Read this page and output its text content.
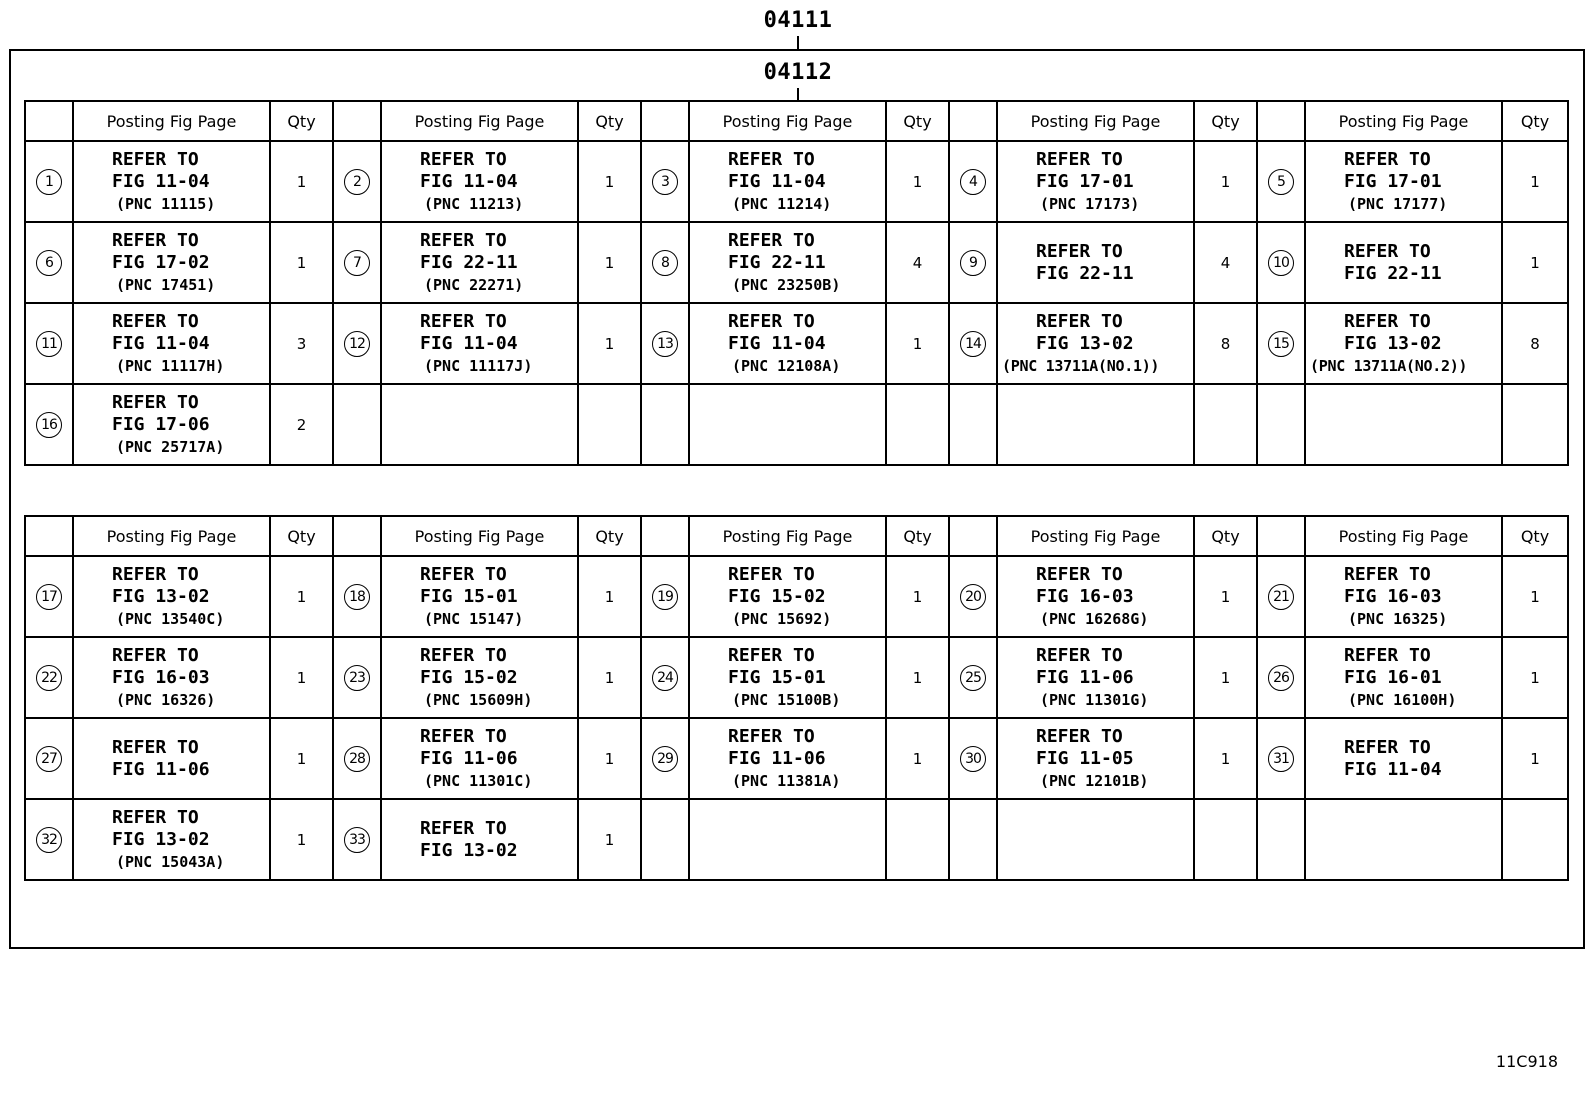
04111
04112
	Posting Fig Page	Qty		Posting Fig Page	Qty		Posting Fig Page	Qty		Posting Fig Page	Qty		Posting Fig Page	Qty
1	REFER TO
FIG 11-04
(PNC 11115)	1	2	REFER TO
FIG 11-04
(PNC 11213)	1	3	REFER TO
FIG 11-04
(PNC 11214)	1	4	REFER TO
FIG 17-01
(PNC 17173)	1	5	REFER TO
FIG 17-01
(PNC 17177)	1
6	REFER TO
FIG 17-02
(PNC 17451)	1	7	REFER TO
FIG 22-11
(PNC 22271)	1	8	REFER TO
FIG 22-11
(PNC 23250B)	4	9	REFER TO
FIG 22-11	4	10	REFER TO
FIG 22-11	1
11	REFER TO
FIG 11-04
(PNC 11117H)	3	12	REFER TO
FIG 11-04
(PNC 11117J)	1	13	REFER TO
FIG 11-04
(PNC 12108A)	1	14	REFER TO
FIG 13-02
(PNC 13711A(NO.1))	8	15	REFER TO
FIG 13-02
(PNC 13711A(NO.2))	8
16	REFER TO
FIG 17-06
(PNC 25717A)	2												
	Posting Fig Page	Qty		Posting Fig Page	Qty		Posting Fig Page	Qty		Posting Fig Page	Qty		Posting Fig Page	Qty
17	REFER TO
FIG 13-02
(PNC 13540C)	1	18	REFER TO
FIG 15-01
(PNC 15147)	1	19	REFER TO
FIG 15-02
(PNC 15692)	1	20	REFER TO
FIG 16-03
(PNC 16268G)	1	21	REFER TO
FIG 16-03
(PNC 16325)	1
22	REFER TO
FIG 16-03
(PNC 16326)	1	23	REFER TO
FIG 15-02
(PNC 15609H)	1	24	REFER TO
FIG 15-01
(PNC 15100B)	1	25	REFER TO
FIG 11-06
(PNC 11301G)	1	26	REFER TO
FIG 16-01
(PNC 16100H)	1
27	REFER TO
FIG 11-06	1	28	REFER TO
FIG 11-06
(PNC 11301C)	1	29	REFER TO
FIG 11-06
(PNC 11381A)	1	30	REFER TO
FIG 11-05
(PNC 12101B)	1	31	REFER TO
FIG 11-04	1
32	REFER TO
FIG 13-02
(PNC 15043A)	1	33	REFER TO
FIG 13-02	1									
11C918
